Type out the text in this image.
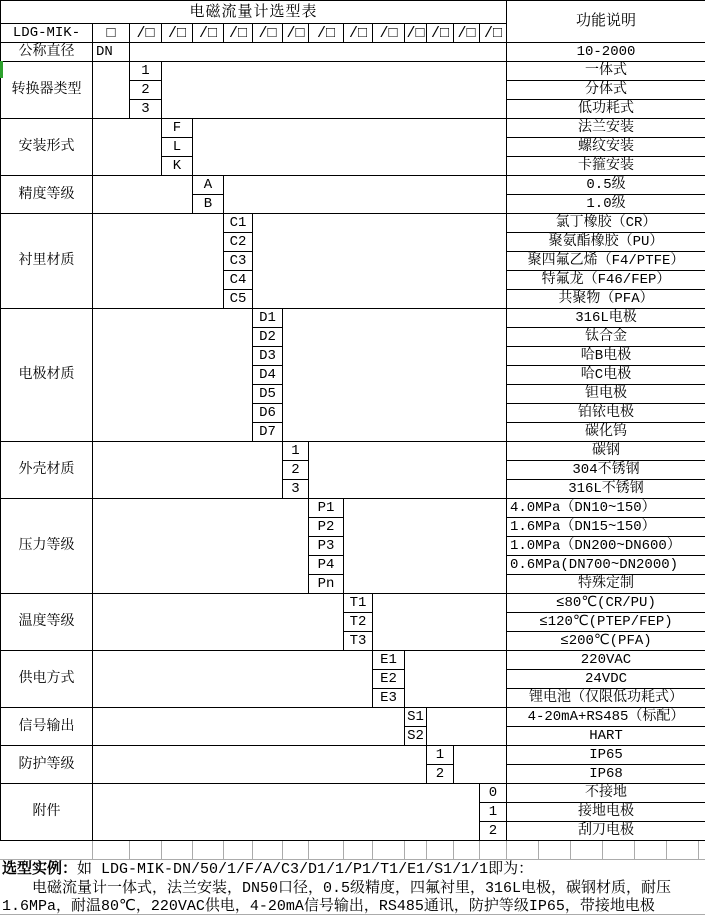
电磁流量计选型表
功能说明
LDG-MIK-	□	/□ /□ /□ /□ /□ /□ /□ /□ /□ /□ /□ /□ /□
公称直径	DN	10-2000
转换器类型
1	一体式
2	分体式
3	低功耗式
安装形式
F	法兰安装
L	螺纹安装
K	卡箍安装
精度等级
A	0.5级
B	1.0级
衬里材质
C1	氯丁橡胶（CR）
C2	聚氨酯橡胶（PU）
C3	聚四氟乙烯（F4/PTFE）
C4	特氟龙（F46/FEP）
C5	共聚物（PFA）
电极材质
D1	316L电极
D2	钛合金
D3	哈B电极
D4	哈C电极
D5	钽电极
D6	铂铱电极
D7	碳化钨
外壳材质
1	碳钢
2	304不锈钢
3	316L不锈钢
压力等级
P1	4.0MPa（DN10~150）
P2	1.6MPa（DN15~150）
P3	1.0MPa（DN200~DN600）
P4	0.6MPa(DN700~DN2000)
Pn	特殊定制
温度等级
T1	≤80℃(CR/PU)
T2	≤120℃(PTEP/FEP)
T3	≤200℃(PFA)
供电方式
E1	220VAC
E2	24VDC
E3	锂电池（仅限低功耗式）
信号输出
S1	4-20mA+RS485（标配）
S2	HART
防护等级
1	IP65
2	IP68
附件
0	不接地
1	接地电极
2	刮刀电极
选型实例：如 LDG-MIK-DN/50/1/F/A/C3/D1/1/P1/T1/E1/S1/1/1即为：
　　电磁流量计一体式，法兰安装，DN50口径，0.5级精度，四氟衬里，316L电极，碳钢材质，耐压
1.6MPa，耐温80℃，220VAC供电，4-20mA信号输出，RS485通讯，防护等级IP65，带接地电极
